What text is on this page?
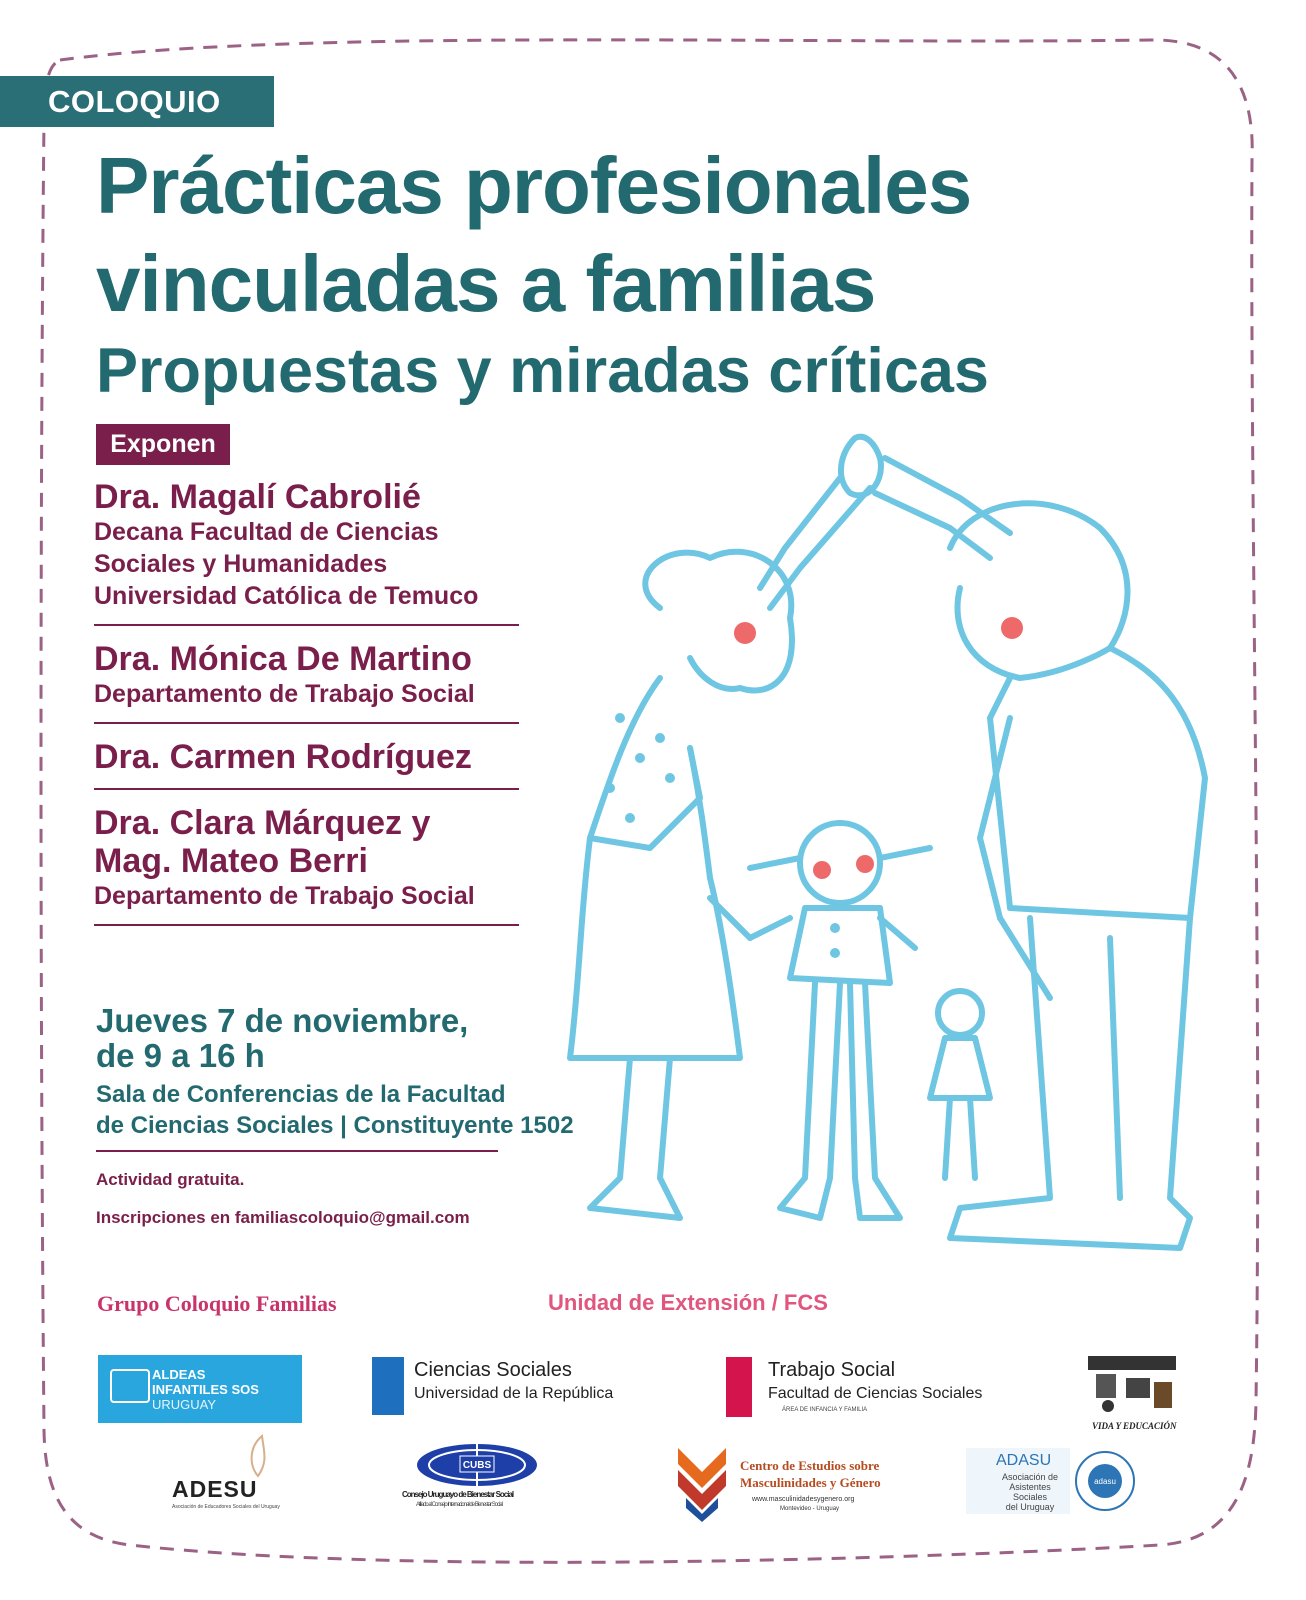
COLOQUIO
Prácticas profesionales
vinculadas a familias
Propuestas y miradas críticas
Exponen
Dra. Magalí Cabrolié
Decana Facultad de Ciencias
Sociales y Humanidades
Universidad Católica de Temuco
Dra. Mónica De Martino
Departamento de Trabajo Social
Dra. Carmen Rodríguez
Dra. Clara Márquez y
Mag. Mateo Berri
Departamento de Trabajo Social
Jueves 7 de noviembre,
de 9 a 16 h
Sala de Conferencias de la Facultad
de Ciencias Sociales | Constituyente 1502
Actividad gratuita.
Inscripciones en familiascoloquio@gmail.com
Grupo Coloquio Familias	Unidad de Extensión / FCS
ALDEAS
INFANTILES SOS
URUGUAY
Ciencias Sociales
Universidad de la República
Trabajo Social
Facultad de Ciencias Sociales
ÁREA DE INFANCIA Y FAMILIA
VIDA Y EDUCACIÓN
ADESU
Asociación de Educadores Sociales del Uruguay
CUBS
Consejo Uruguayo de Bienestar Social
Afiliado al Consejo Internacional de Bienestar Social
Centro de Estudios sobre
Masculinidades y Género
www.masculinidadesygenero.org
Montevideo - Uruguay
ADASU
Asociación de
Asistentes Sociales
del Uruguay
adasu
